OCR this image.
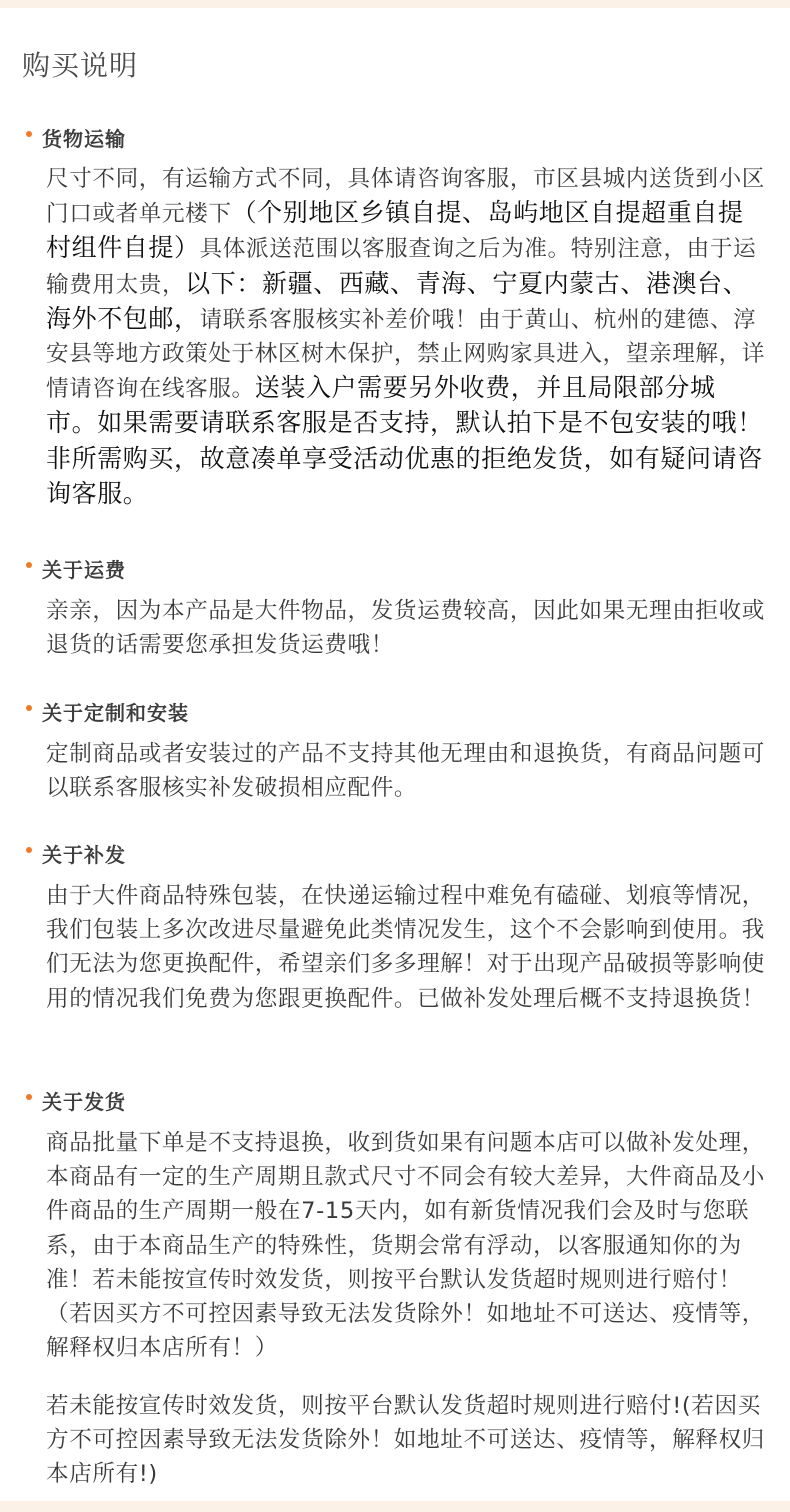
购买说明
货物运输

尺寸不同，有运输方式不同，具体请咨询客服，市区县城内送货到小区门口或者单元楼下（个别地区乡镇自提、岛屿地区自提超重自提村组件自提）具体派送范围以客服查询之后为准。特别注意，由于运输费用太贵，以下：新疆、西藏、青海、宁夏内蒙古、港澳台、海外不包邮，请联系客服核实补差价哦！由于黄山、杭州的建德、淳安县等地方政策处于林区树木保护，禁止网购家具进入，望亲理解，详情请咨询在线客服。送装入户需要另外收费，并且局限部分城市。如果需要请联系客服是否支持，默认拍下是不包安装的哦！非所需购买，故意凑单享受活动优惠的拒绝发货，如有疑问请咨询客服。

关于运费

亲亲，因为本产品是大件物品，发货运费较高，因此如果无理由拒收或退货的话需要您承担发货运费哦！

关于定制和安装

定制商品或者安装过的产品不支持其他无理由和退换货，有商品问题可以联系客服核实补发破损相应配件。

关于补发

由于大件商品特殊包装，在快递运输过程中难免有磕碰、划痕等情况，我们包装上多次改进尽量避免此类情况发生，这个不会影响到使用。我们无法为您更换配件，希望亲们多多理解！对于出现产品破损等影响使用的情况我们免费为您跟更换配件。已做补发处理后概不支持退换货！

关于发货

商品批量下单是不支持退换，收到货如果有问题本店可以做补发处理，本商品有一定的生产周期且款式尺寸不同会有较大差异，大件商品及小件商品的生产周期一般在7-15天内，如有新货情况我们会及时与您联系，由于本商品生产的特殊性，货期会常有浮动，以客服通知你的为准！若未能按宣传时效发货，则按平台默认发货超时规则进行赔付！（若因买方不可控因素导致无法发货除外！如地址不可送达、疫情等，解释权归本店所有！）

若未能按宣传时效发货，则按平台默认发货超时规则进行赔付!(若因买方不可控因素导致无法发货除外！如地址不可送达、疫情等，解释权归本店所有!)
